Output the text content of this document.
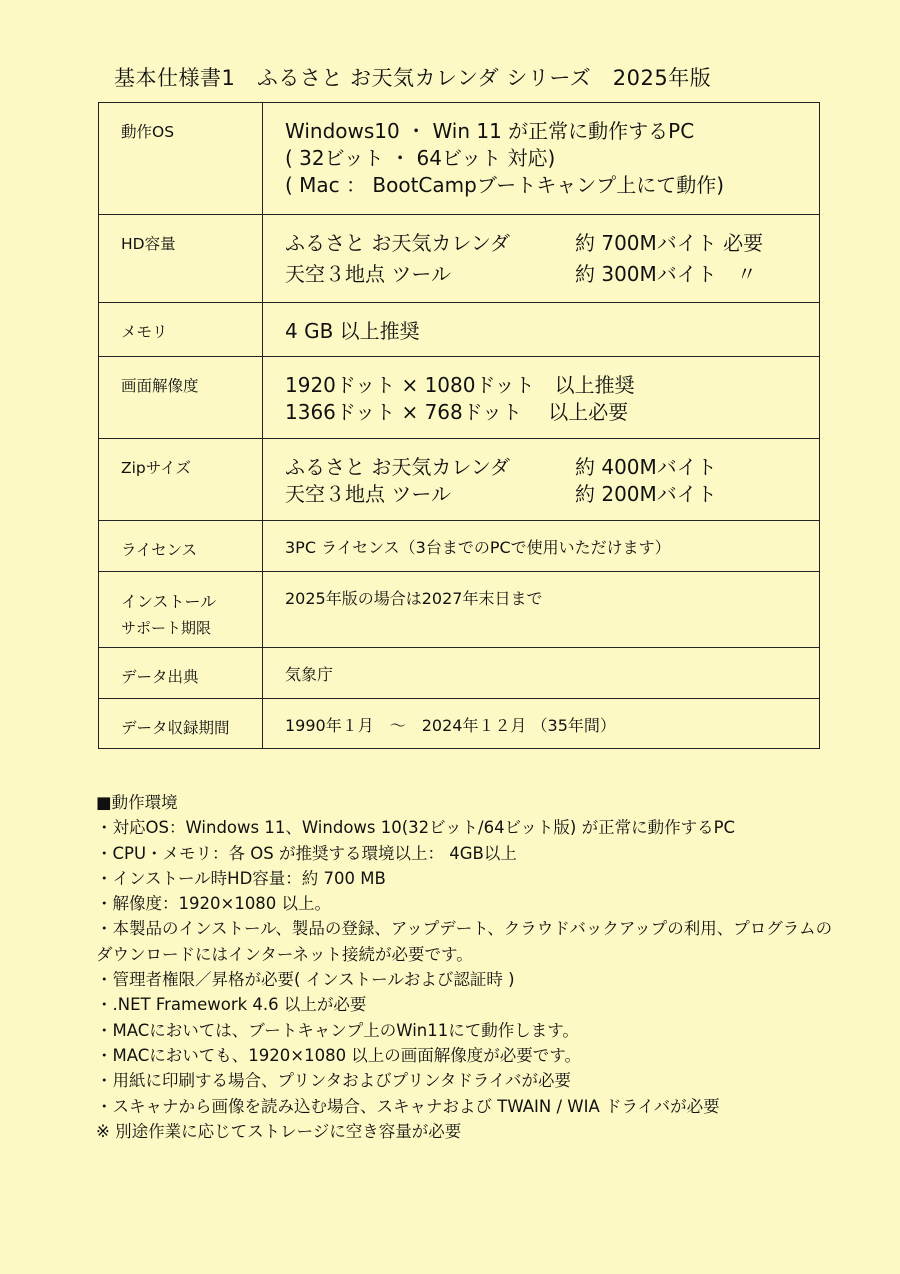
基本仕様書1　ふるさと お天気カレンダ シリーズ　2025年版
動作OS	Windows10 ・ Win 11 が正常に動作するPC
( 32ビット ・ 64ビット 対応)
( Mac ： BootCampブートキャンプ上にて動作)

HD容量	ふるさと お天気カレンダ 約 700Mバイト 必要
天空３地点 ツール 約 300Mバイト　〃

メモリ	4 GB 以上推奨

画面解像度	1920ドット × 1080ドット　以上推奨
1366ドット × 768ドット　 以上必要

Zipサイズ	ふるさと お天気カレンダ 約 400Mバイト
天空３地点 ツール 約 200Mバイト

ライセンス	3PC ライセンス（3台までのPCで使用いただけます）

インストール
サポート期限	2025年版の場合は2027年末日まで

データ出典	気象庁

データ収録期間	1990年１月　～　2024年１２月 （35年間）
■動作環境
・対応OS：Windows 11、Windows 10(32ビット/64ビット版) が正常に動作するPC
・CPU・メモリ：各 OS が推奨する環境以上： 4GB以上
・インストール時HD容量：約 700 MB
・解像度：1920×1080 以上。
・本製品のインストール、製品の登録、アップデート、クラウドバックアップの利用、プログラムのダウンロードにはインターネット接続が必要です。
・管理者権限／昇格が必要( インストールおよび認証時 )
・.NET Framework 4.6 以上が必要
・MACにおいては、ブートキャンプ上のWin11にて動作します。
・MACにおいても、1920×1080 以上の画面解像度が必要です。
・用紙に印刷する場合、プリンタおよびプリンタドライバが必要
・スキャナから画像を読み込む場合、スキャナおよび TWAIN / WIA ドライバが必要
※ 別途作業に応じてストレージに空き容量が必要
